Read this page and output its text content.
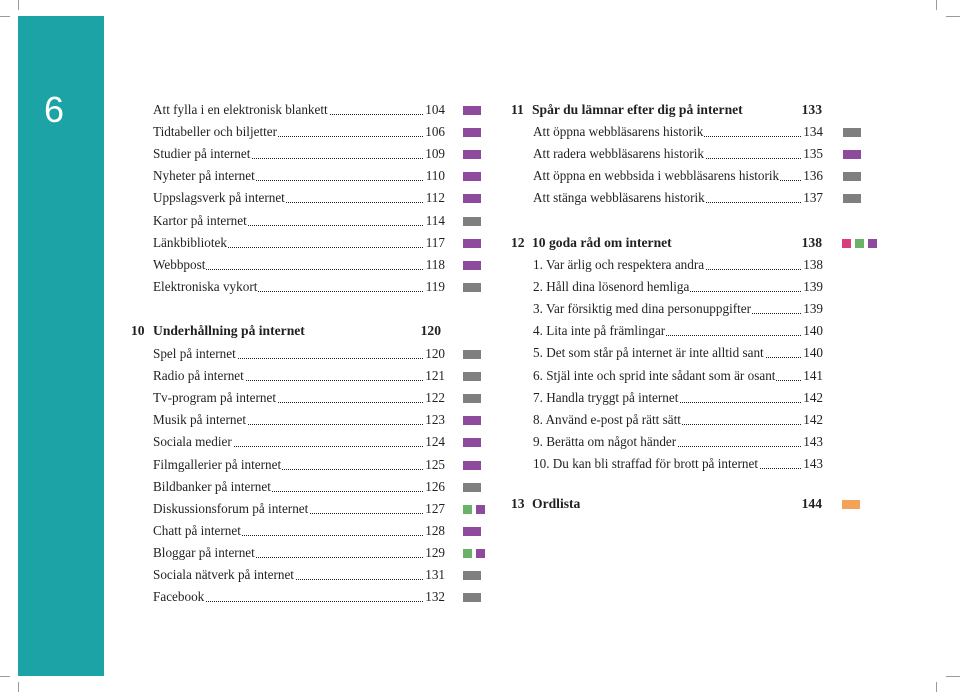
6	Att fylla i en elektronisk blankett	104
Tidtabeller och biljetter	106
Studier på internet	109
Nyheter på internet	110
Uppslagsverk på internet	112
Kartor på internet	114
Länkbibliotek	117
Webbpost	118
Elektroniska vykort	119
10 Underhållning på internet	120
Spel på internet	120
Radio på internet	121
Tv-program på internet	122
Musik på internet	123
Sociala medier	124
Filmgallerier på internet	125
Bildbanker på internet	126
Diskussionsforum på internet	127
Chatt på internet	128
Bloggar på internet	129
Sociala nätverk på internet	131
Facebook	132
11 Spår du lämnar efter dig på internet	133
Att öppna webbläsarens historik	134
Att radera webbläsarens historik	135
Att öppna en webbsida i webbläsarens historik	136
Att stänga webbläsarens historik	137
12 10 goda råd om internet	138
1. Var ärlig och respektera andra	138
2. Håll dina lösenord hemliga	139
3. Var försiktig med dina personuppgifter	139
4. Lita inte på främlingar	140
5. Det som står på internet är inte alltid sant	140
6. Stjäl inte och sprid inte sådant som är osant	141
7. Handla tryggt på internet	142
8. Använd e-post på rätt sätt	142
9. Berätta om något händer	143
10. Du kan bli straffad för brott på internet	143
13 Ordlista	144
